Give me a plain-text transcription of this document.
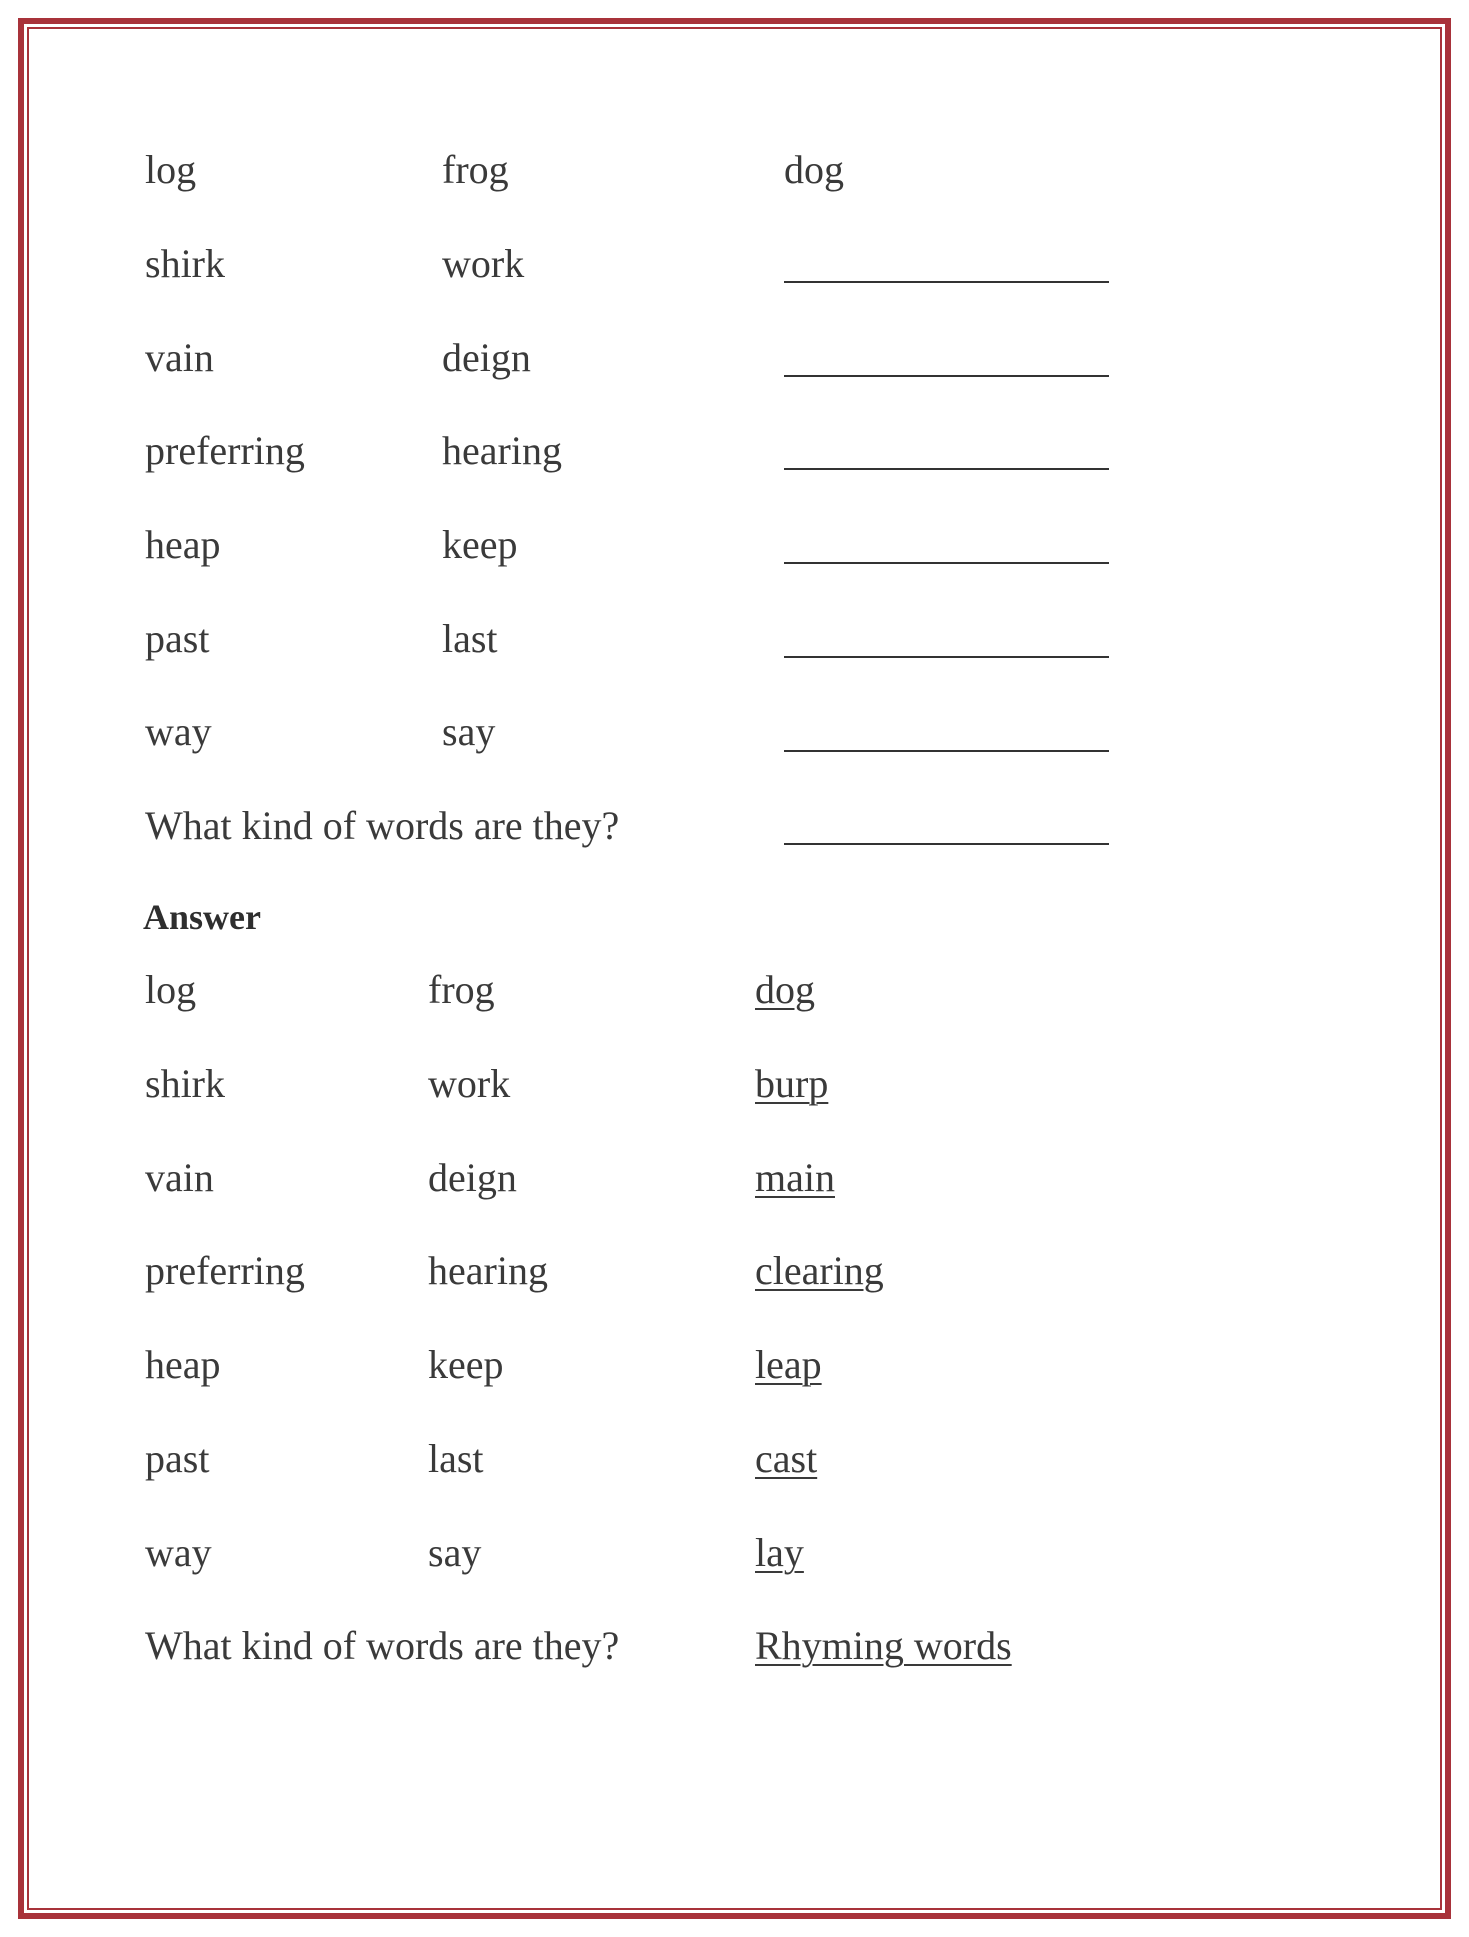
log	frog	dog
shirk	work
vain	deign
preferring	hearing
heap	keep
past	last
way	say
What kind of words are they?
Answer
log	frog	dog
shirk	work	burp
vain	deign	main
preferring	hearing	clearing
heap	keep	leap
past	last	cast
way	say	lay
What kind of words are they?	Rhyming words
